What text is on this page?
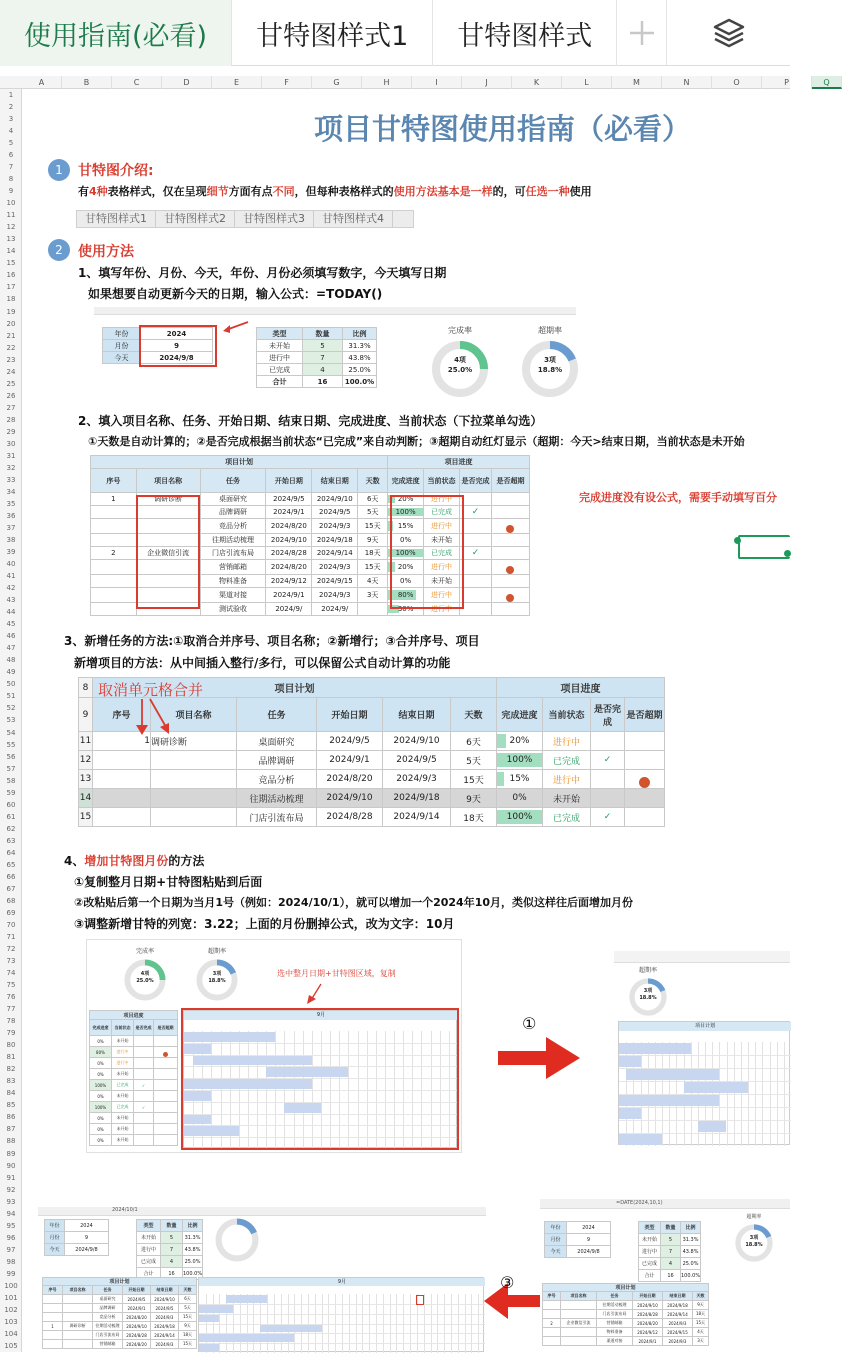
使用指南(必看) 甘特图样式1 甘特图样式
A	B	C	D	E	F	G	H	I	J	K	L	M	N	O	P	Q
1
2
3
4
5
6
7
8
9
10
11
12
13
14
15
16
17
18
19
20
21
22
23
24
25
26
27
28
29
30
31
32
33
34
35
36
37
38
39
40
41
42
43
44
45
46
47
48
49
50
51
52
53
54
55
56
57
58
59
60
61
62
63
64
65
66
67
68
69
70
71
72
73
74
75
76
77
78
79
80
81
82
83
84
85
86
87
88
89
90
91
92
93
94
95
96
97
98
99
100
101
102
103
104
105
项目甘特图使用指南（必看）
1	甘特图介绍:
有4种表格样式，仅在呈现细节方面有点不同，但每种表格样式的使用方法基本是一样的，可任选一种使用
甘特图样式1	甘特图样式2	甘特图样式3	甘特图样式4
2	使用方法
1、填写年份、月份、今天，年份、月份必须填写数字，今天填写日期
如果想要自动更新今天的日期，输入公式：=TODAY()
年份	2024
月份	9
今天	2024/9/8
类型	数量	比例
未开始	5	31.3%
进行中	7	43.8%
已完成	4	25.0%
合计	16	100.0%
完成率
4项
25.0%
超期率
3项
18.8%
2、填入项目名称、任务、开始日期、结束日期、完成进度、当前状态（下拉菜单勾选）
①天数是自动计算的；②是否完成根据当前状态“已完成”来自动判断；③超期自动红灯显示（超期：今天>结束日期，当前状态是未开始
项目计划						项目进度			
序号	项目名称	任务	开始日期	结束日期	天数	完成进度	当前状态	是否完成	是否超期
1	调研诊断	桌面研究	2024/9/5	2024/9/10	6天	20%	进行中		
		品牌调研	2024/9/1	2024/9/5	5天	100%	已完成	✓	
		竞品分析	2024/8/20	2024/9/3	15天	15%	进行中		
		往期活动梳理	2024/9/10	2024/9/18	9天	0%	未开始		
2	企业微信引流	门店引流布局	2024/8/28	2024/9/14	18天	100%	已完成	✓	
		营销邮箱	2024/8/20	2024/9/3	15天	20%	进行中		
		物料准备	2024/9/12	2024/9/15	4天	0%	未开始		
		渠道对接	2024/9/1	2024/9/3	3天	80%	进行中		
		测试验收	2024/9/	2024/9/		30%	进行中		
完成进度没有设公式，需要手动填写百分
3、新增任务的方法:①取消合并序号、项目名称；②新增行；③合并序号、项目
新增项目的方法：从中间插入整行/多行，可以保留公式自动计算的功能
8	项目计划						项目进度			
9	序号	项目名称	任务	开始日期	结束日期	天数	完成进度	当前状态	是否完成	是否超期
11	1	调研诊断	桌面研究	2024/9/5	2024/9/10	6天	20%	进行中		
12			品牌调研	2024/9/1	2024/9/5	5天	100%	已完成	✓	
13			竞品分析	2024/8/20	2024/9/3	15天	15%	进行中		
14			往期活动梳理	2024/9/10	2024/9/18	9天	0%	未开始		
15			门店引流布局	2024/8/28	2024/9/14	18天	100%	已完成	✓	
取消单元格合并
4、增加甘特图月份的方法
①复制整月日期+甘特图粘贴到后面
②改粘贴后第一个日期为当月1号（例如：2024/10/1），就可以增加一个2024年10月，类似这样往后面增加月份
③调整新增甘特的列宽：3.22；上面的月份删掉公式，改为文字：10月
完成率
4项
25.0%
超期率
3项
18.8%
选中整月日期+甘特图区域，复制
项目进度			
完成进度	当前状态	是否完成	是否超期
0%	未开始		
80%	进行中		
0%	进行中		
0%	未开始		
100%	已完成	✓	
0%	未开始		
100%	已完成	✓	
0%	未开始		
0%	未开始		
0%	未开始		
9月	①
超期率
3项
18.8%
项目计划
2024/10/1
年份	2024
月份	9
今天	2024/9/8
类型	数量	比例
未开始	5	31.3%
进行中	7	43.8%
已完成	4	25.0%
合计	16	100.0%
项目计划					
序号	项目名称	任务	开始日期	结束日期	天数
		桌面研究	2024/9/5	2024/9/10	6天
		品牌调研	2024/9/1	2024/9/5	5天
		竞品分析	2024/8/20	2024/9/3	15天
1	调研诊断	往期活动梳理	2024/9/10	2024/9/18	9天
		门店引流布局	2024/8/28	2024/9/14	18天
		营销邮箱	2024/8/20	2024/9/3	15天
9月	③
=DATE(2024,10,1)
年份	2024
月份	9
今天	2024/9/8
类型	数量	比例
未开始	5	31.3%
进行中	7	43.8%
已完成	4	25.0%
合计	16	100.0%
超期率
3项
18.8%
项目计划					
序号	项目名称	任务	开始日期	结束日期	天数
		往期活动梳理	2024/9/10	2024/9/18	9天
		门店引流布局	2024/8/28	2024/9/14	18天
2	企业微信引流	营销邮箱	2024/8/20	2024/9/3	15天
		物料准备	2024/9/12	2024/9/15	4天
		渠道对接	2024/9/1	2024/9/3	3天
